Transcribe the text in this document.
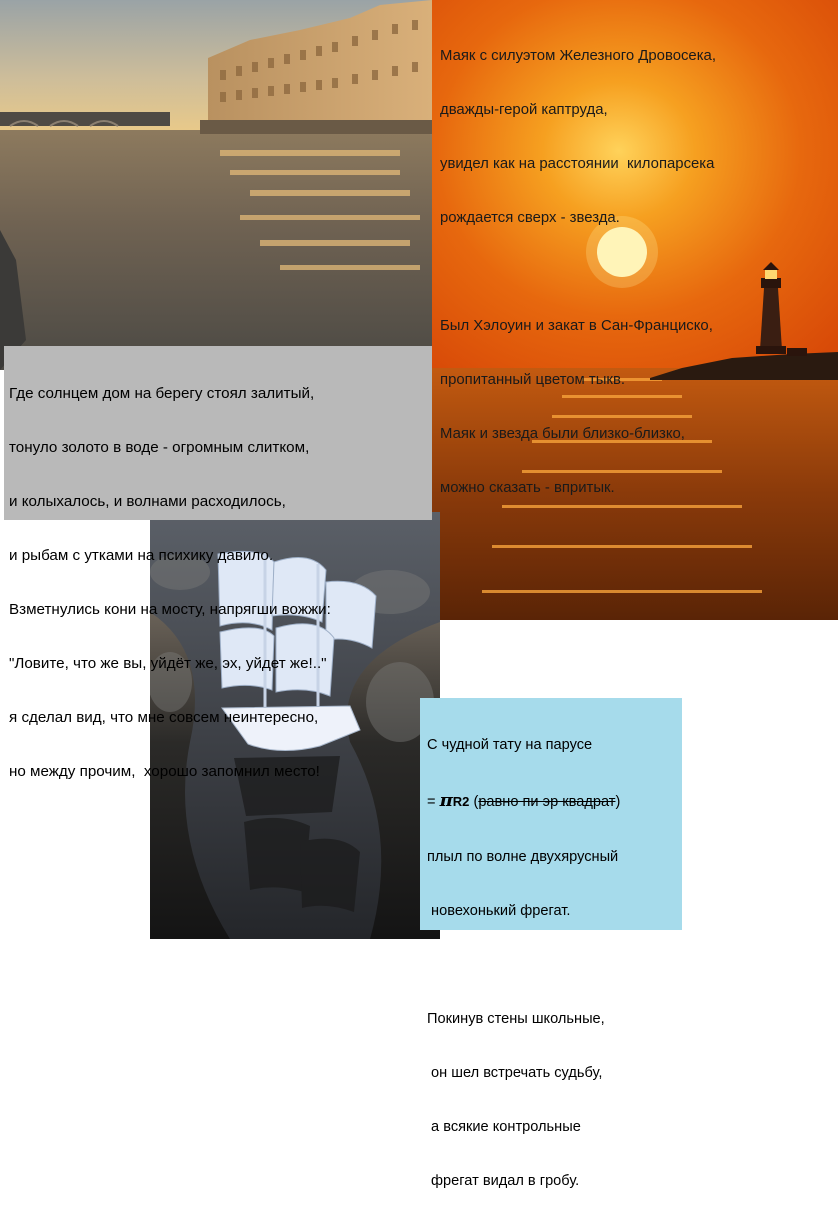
Где солнцем дом на берегу стоял залитый,

тонуло золото в воде - огромным слитком,

и колыхалось, и волнами расходилось,

и рыбам с утками на психику давило.

Взметнулись кони на мосту, напрягши вожжи:

"Ловите, что же вы, уйдёт же, эх, уйдет же!.."

я сделал вид, что мне совсем неинтересно,

но между прочим,  хорошо запомнил место!

Маяк с силуэтом Железного Дровосека,

дважды-герой каптруда,

увидел как на расстоянии  килопарсека

рождается сверх - звезда.

Был Хэлоуин и закат в Сан-Франциско,

пропитанный цветом тыкв.

Маяк и звезда были близко-близко,

можно сказать - впритык.

С чудной тату на парусе

= πR2 (равно пи эр квадрат)

плыл по волне двухярусный

новехонький фрегат.

Покинув стены школьные,

он шел встречать судьбу,

а всякие контрольные

фрегат видал в гробу.
